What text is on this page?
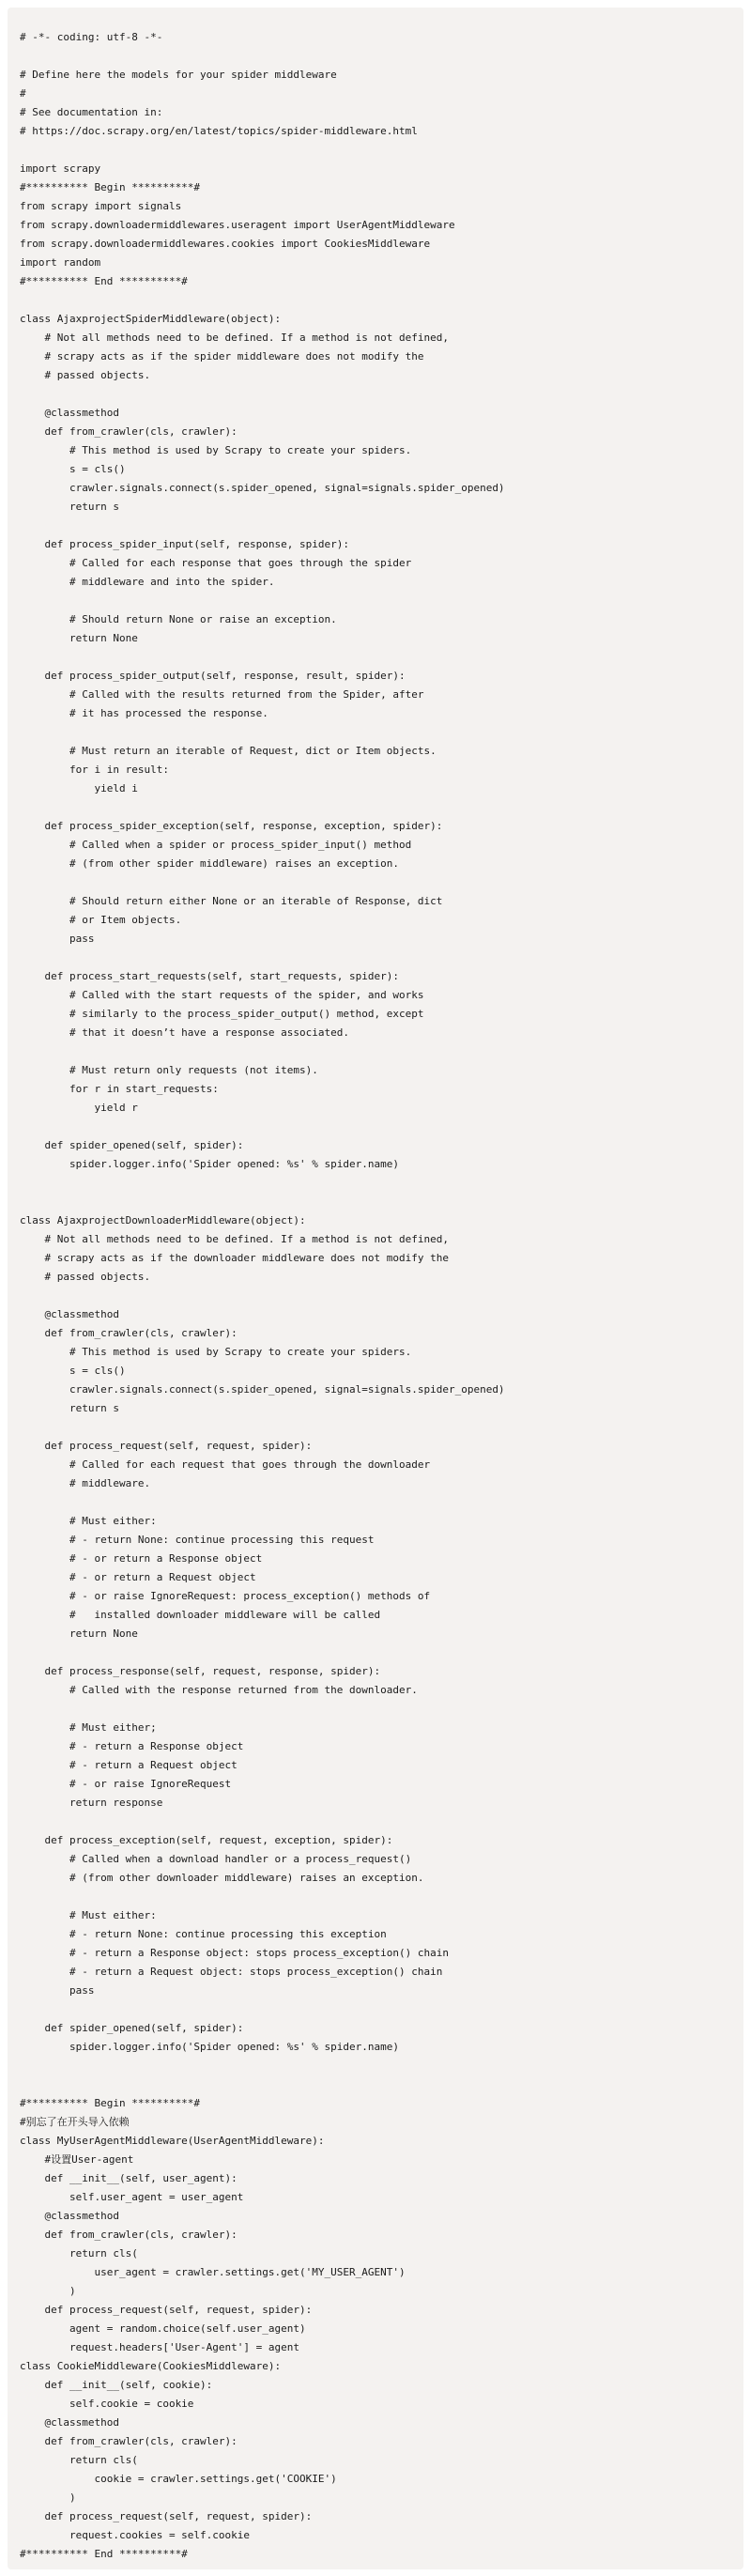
# -*- coding: utf-8 -*-

# Define here the models for your spider middleware
#
# See documentation in:
# https://doc.scrapy.org/en/latest/topics/spider-middleware.html

import scrapy
#********** Begin **********#
from scrapy import signals
from scrapy.downloadermiddlewares.useragent import UserAgentMiddleware
from scrapy.downloadermiddlewares.cookies import CookiesMiddleware
import random
#********** End **********#

class AjaxprojectSpiderMiddleware(object):
# Not all methods need to be defined. If a method is not defined,
# scrapy acts as if the spider middleware does not modify the
# passed objects.

@classmethod
def from_crawler(cls, crawler):
# This method is used by Scrapy to create your spiders.
s = cls()
crawler.signals.connect(s.spider_opened, signal=signals.spider_opened)
return s

def process_spider_input(self, response, spider):
# Called for each response that goes through the spider
# middleware and into the spider.

# Should return None or raise an exception.
return None

def process_spider_output(self, response, result, spider):
# Called with the results returned from the Spider, after
# it has processed the response.

# Must return an iterable of Request, dict or Item objects.
for i in result:
yield i

def process_spider_exception(self, response, exception, spider):
# Called when a spider or process_spider_input() method
# (from other spider middleware) raises an exception.

# Should return either None or an iterable of Response, dict
# or Item objects.
pass

def process_start_requests(self, start_requests, spider):
# Called with the start requests of the spider, and works
# similarly to the process_spider_output() method, except
# that it doesn’t have a response associated.

# Must return only requests (not items).
for r in start_requests:
yield r

def spider_opened(self, spider):
spider.logger.info('Spider opened: %s' % spider.name)

class AjaxprojectDownloaderMiddleware(object):
# Not all methods need to be defined. If a method is not defined,
# scrapy acts as if the downloader middleware does not modify the
# passed objects.

@classmethod
def from_crawler(cls, crawler):
# This method is used by Scrapy to create your spiders.
s = cls()
crawler.signals.connect(s.spider_opened, signal=signals.spider_opened)
return s

def process_request(self, request, spider):
# Called for each request that goes through the downloader
# middleware.

# Must either:
# - return None: continue processing this request
# - or return a Response object
# - or return a Request object
# - or raise IgnoreRequest: process_exception() methods of
#   installed downloader middleware will be called
return None

def process_response(self, request, response, spider):
# Called with the response returned from the downloader.

# Must either;
# - return a Response object
# - return a Request object
# - or raise IgnoreRequest
return response

def process_exception(self, request, exception, spider):
# Called when a download handler or a process_request()
# (from other downloader middleware) raises an exception.

# Must either:
# - return None: continue processing this exception
# - return a Response object: stops process_exception() chain
# - return a Request object: stops process_exception() chain
pass

def spider_opened(self, spider):
spider.logger.info('Spider opened: %s' % spider.name)

#********** Begin **********#
#别忘了在开头导入依赖
class MyUserAgentMiddleware(UserAgentMiddleware):
#设置User-agent
def __init__(self, user_agent):
self.user_agent = user_agent
@classmethod
def from_crawler(cls, crawler):
return cls(
user_agent = crawler.settings.get('MY_USER_AGENT')
)
def process_request(self, request, spider):
agent = random.choice(self.user_agent)
request.headers['User-Agent'] = agent
class CookieMiddleware(CookiesMiddleware):
def __init__(self, cookie):
self.cookie = cookie
@classmethod
def from_crawler(cls, crawler):
return cls(
cookie = crawler.settings.get('COOKIE')
)
def process_request(self, request, spider):
request.cookies = self.cookie
#********** End **********#
